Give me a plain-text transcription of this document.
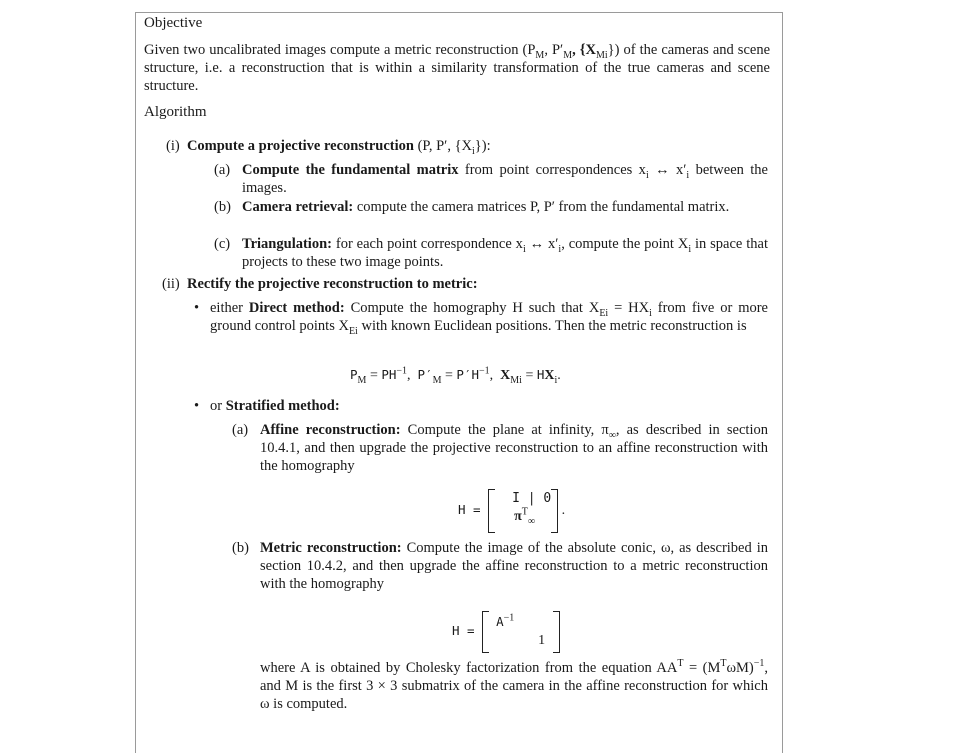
Objective
Given two uncalibrated images compute a metric reconstruction ($P_M$, $P'_M$, $\{X_{Mi}\}$) of the cameras and scene structure, i.e. a reconstruction that is within a similarity transformation of the true cameras and scene structure.
Algorithm
(i) Compute a projective reconstruction (P, P′, $\{X_i\}$):
(a) Compute the fundamental matrix from point correspondences $x_i$ ↔ $x'_i$ between the images.
(b) Camera retrieval: compute the camera matrices P, P′ from the fundamental matrix.
(c) Triangulation: for each point correspondence $x_i$ ↔ $x'_i$, compute the point $X_i$ in space that projects to these two image points.
(ii) Rectify the projective reconstruction to metric:
• either Direct method: Compute the homography H such that $X_{Ei} = HX_i$ from five or more ground control points $X_{Ei}$ with known Euclidean positions. Then the metric reconstruction is
$P_M = PH^{-1}$,  $P'_M = P'H^{-1}$,  $X_{Mi} = HX_i$.
• or Stratified method:
(a) Affine reconstruction: Compute the plane at infinity, $\pi_\infty$, as described in section 10.4.1, and then upgrade the projective reconstruction to an affine reconstruction with the homography
H =
I | 0
$\pi^T_\infty$
.
(b) Metric reconstruction: Compute the image of the absolute conic, ω, as described in section 10.4.2, and then upgrade the affine reconstruction to a metric reconstruction with the homography
H =
$A^{-1}$
1
where A is obtained by Cholesky factorization from the equation $AA^T = (M^T\omega M)^{-1}$, and M is the first 3 × 3 submatrix of the camera in the affine reconstruction for which ω is computed.
